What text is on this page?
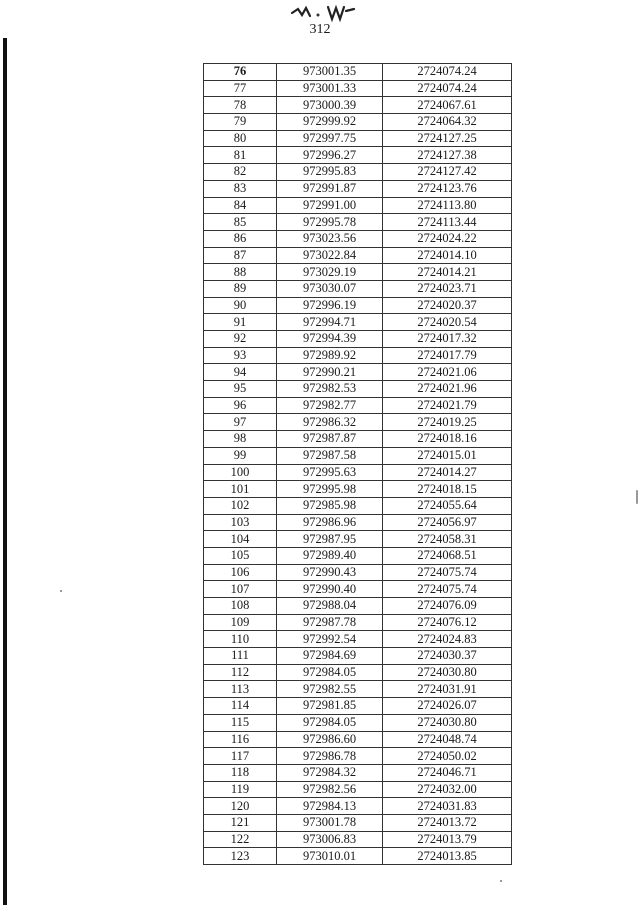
312
76	973001.35	2724074.24
77	973001.33	2724074.24
78	973000.39	2724067.61
79	972999.92	2724064.32
80	972997.75	2724127.25
81	972996.27	2724127.38
82	972995.83	2724127.42
83	972991.87	2724123.76
84	972991.00	2724113.80
85	972995.78	2724113.44
86	973023.56	2724024.22
87	973022.84	2724014.10
88	973029.19	2724014.21
89	973030.07	2724023.71
90	972996.19	2724020.37
91	972994.71	2724020.54
92	972994.39	2724017.32
93	972989.92	2724017.79
94	972990.21	2724021.06
95	972982.53	2724021.96
96	972982.77	2724021.79
97	972986.32	2724019.25
98	972987.87	2724018.16
99	972987.58	2724015.01
100	972995.63	2724014.27
101	972995.98	2724018.15
102	972985.98	2724055.64
103	972986.96	2724056.97
104	972987.95	2724058.31
105	972989.40	2724068.51
106	972990.43	2724075.74
107	972990.40	2724075.74
108	972988.04	2724076.09
109	972987.78	2724076.12
110	972992.54	2724024.83
111	972984.69	2724030.37
112	972984.05	2724030.80
113	972982.55	2724031.91
114	972981.85	2724026.07
115	972984.05	2724030.80
116	972986.60	2724048.74
117	972986.78	2724050.02
118	972984.32	2724046.71
119	972982.56	2724032.00
120	972984.13	2724031.83
121	973001.78	2724013.72
122	973006.83	2724013.79
123	973010.01	2724013.85
